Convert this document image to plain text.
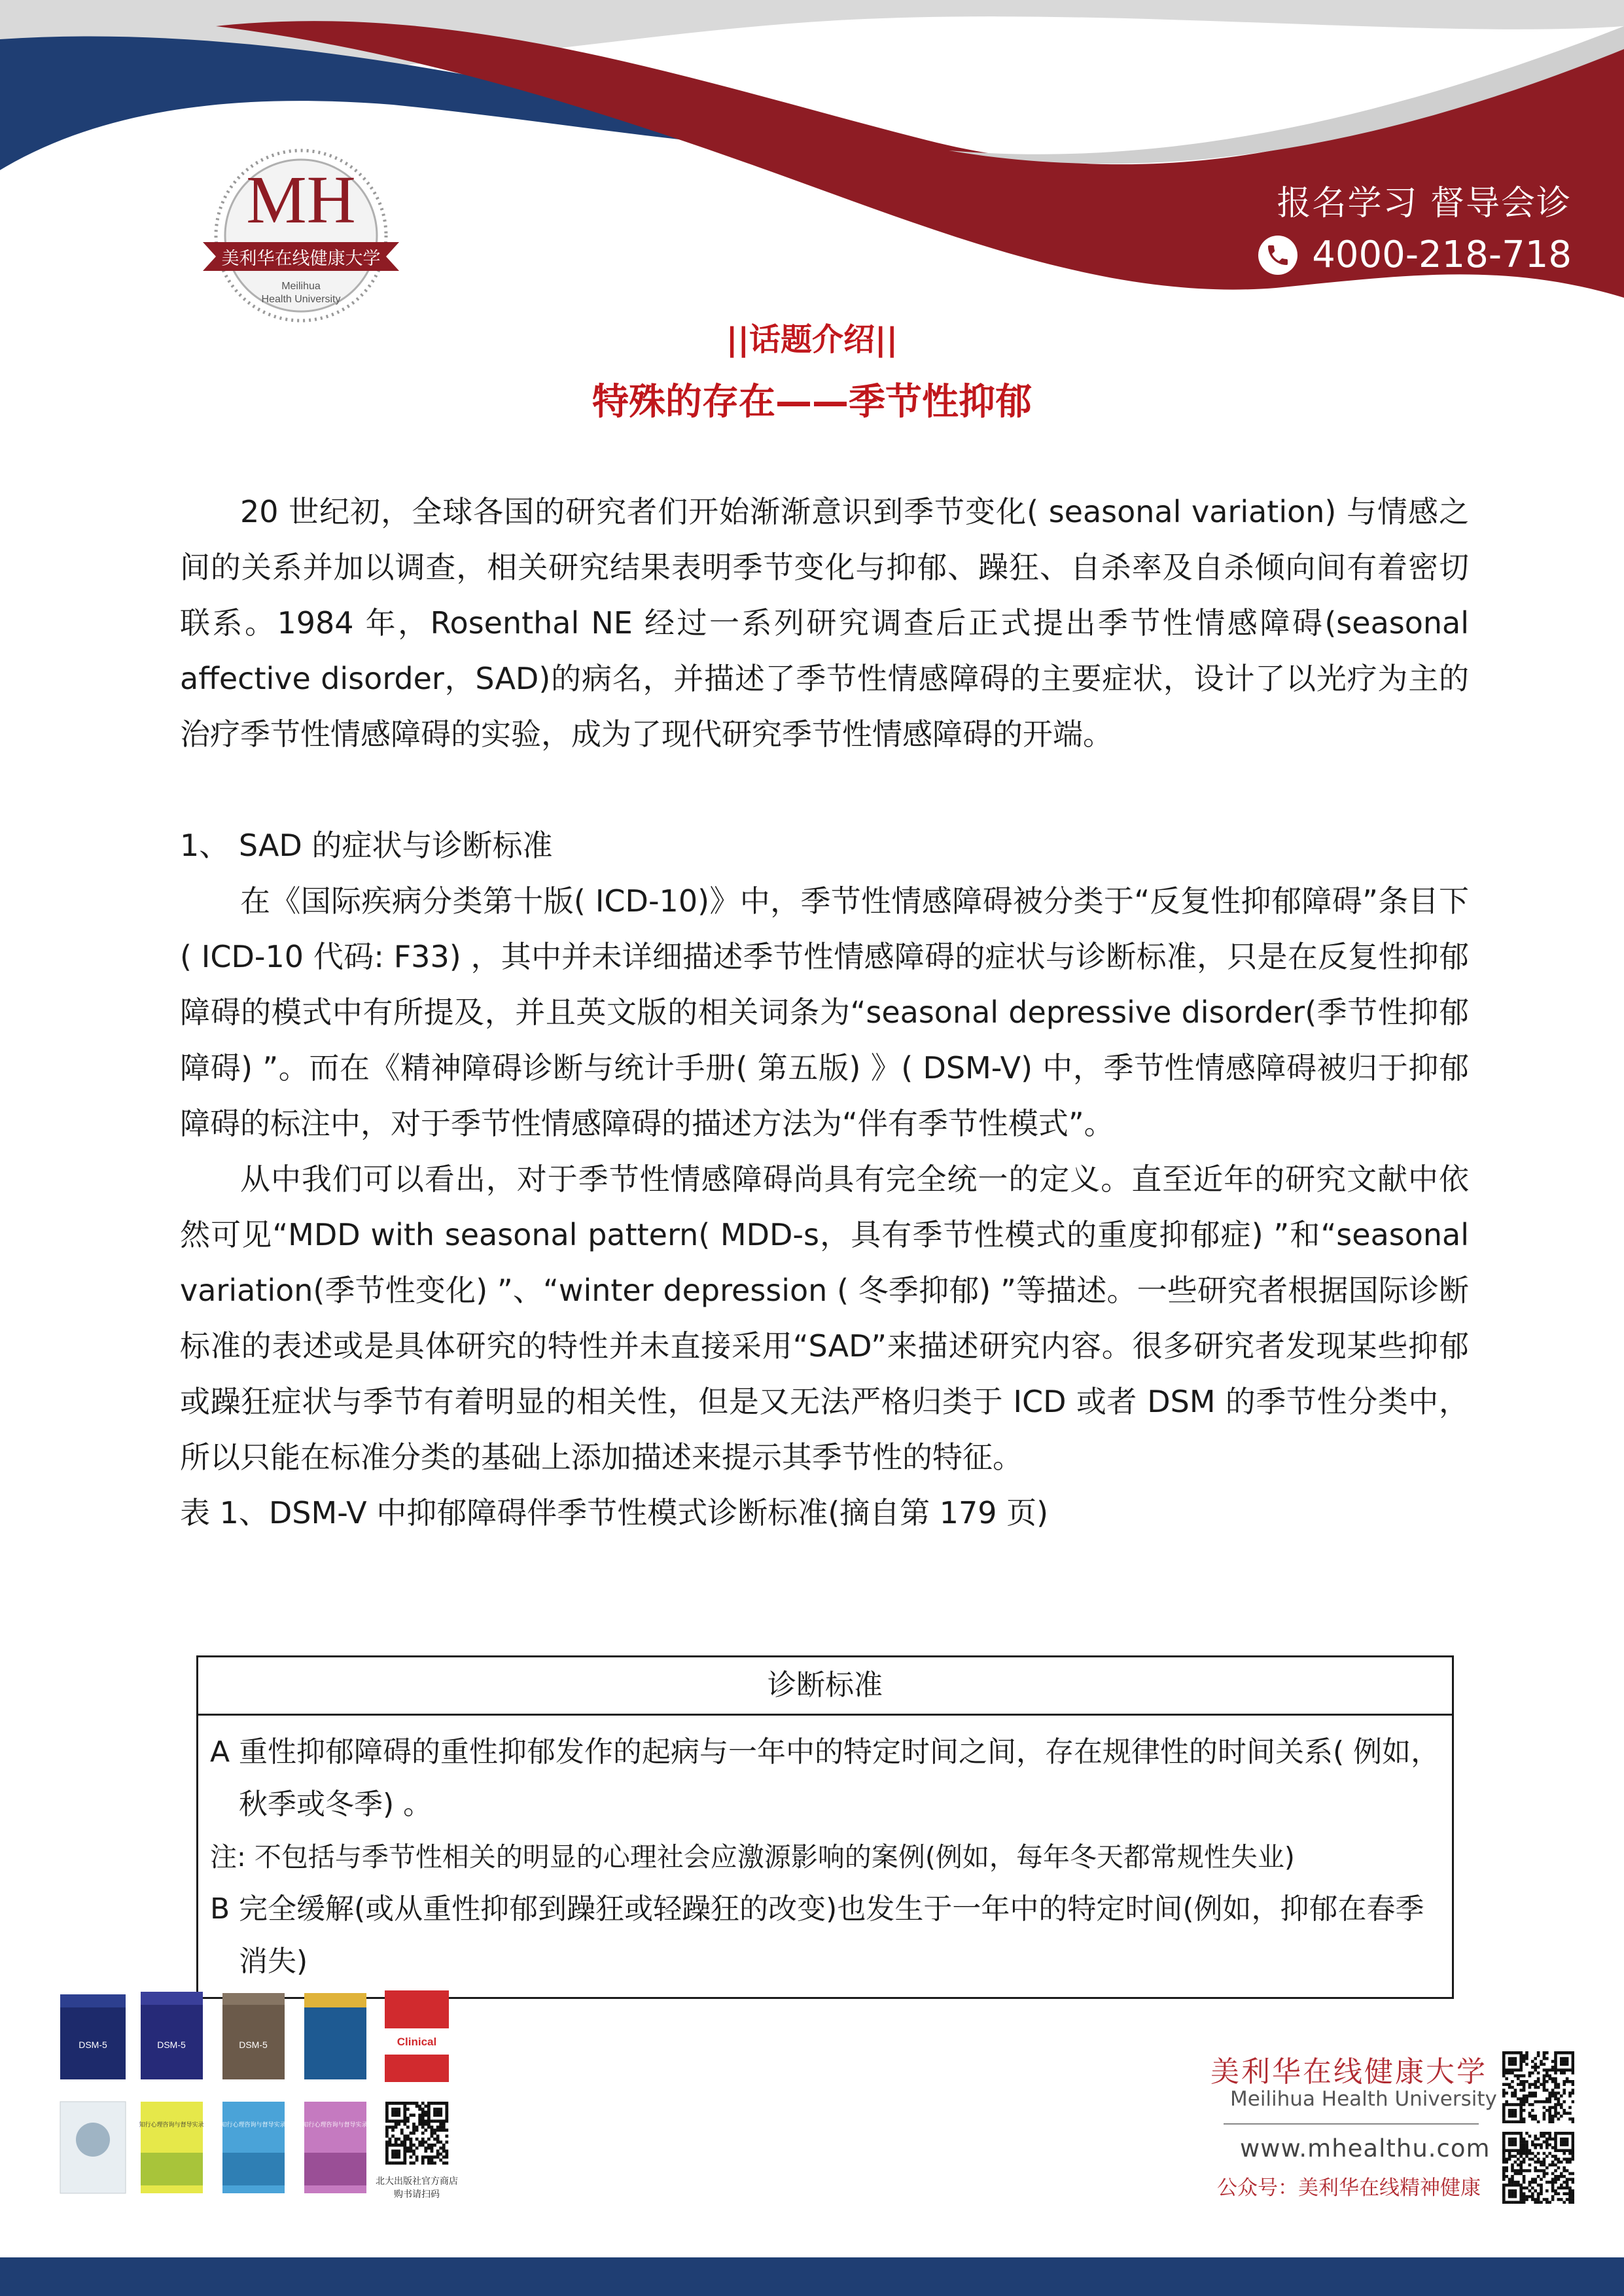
MH
美利华在线健康大学
Meilihua
Health University
报名学习 督导会诊
4000-218-718
||话题介绍||
特殊的存在——季节性抑郁

20 世纪初，全球各国的研究者们开始渐渐意识到季节变化( seasonal variation) 与情感之间的关系并加以调查，相关研究结果表明季节变化与抑郁、躁狂、自杀率及自杀倾向间有着密切联系。1984 年，Rosenthal NE 经过一系列研究调查后正式提出季节性情感障碍(seasonal affective disorder，SAD)的病名，并描述了季节性情感障碍的主要症状，设计了以光疗为主的治疗季节性情感障碍的实验，成为了现代研究季节性情感障碍的开端。

1、 SAD 的症状与诊断标准

在《国际疾病分类第十版( ICD-10)》中，季节性情感障碍被分类于“反复性抑郁障碍”条目下( ICD-10 代码: F33) ，其中并未详细描述季节性情感障碍的症状与诊断标准，只是在反复性抑郁障碍的模式中有所提及，并且英文版的相关词条为“seasonal depressive disorder(季节性抑郁障碍) ”。而在《精神障碍诊断与统计手册( 第五版) 》( DSM-V) 中，季节性情感障碍被归于抑郁障碍的标注中，对于季节性情感障碍的描述方法为“伴有季节性模式”。

从中我们可以看出，对于季节性情感障碍尚具有完全统一的定义。直至近年的研究文献中依然可见“MDD with seasonal pattern( MDD-s，具有季节性模式的重度抑郁症) ”和“seasonal variation(季节性变化) ”、“winter depression ( 冬季抑郁) ”等描述。一些研究者根据国际诊断标准的表述或是具体研究的特性并未直接采用“SAD”来描述研究内容。很多研究者发现某些抑郁或躁狂症状与季节有着明显的相关性，但是又无法严格归类于 ICD 或者 DSM 的季节性分类中，所以只能在标准分类的基础上添加描述来提示其季节性的特征。

表 1、DSM-V 中抑郁障碍伴季节性模式诊断标准(摘自第 179 页)

诊断标准
A 重性抑郁障碍的重性抑郁发作的起病与一年中的特定时间之间，存在规律性的时间关系( 例如，秋季或冬季) 。
注: 不包括与季节性相关的明显的心理社会应激源影响的案例(例如，每年冬天都常规性失业)
B 完全缓解(或从重性抑郁到躁狂或轻躁狂的改变)也发生于一年中的特定时间(例如，抑郁在春季消失)
DSM-5	DSM-5	DSM-5	Clinical
知行心理咨询与督导实录	知行心理咨询与督导实录	知行心理咨询与督导实录
北大出版社官方商店
购书请扫码
美利华在线健康大学
Meilihua Health University
www.mhealthu.com
公众号：美利华在线精神健康
